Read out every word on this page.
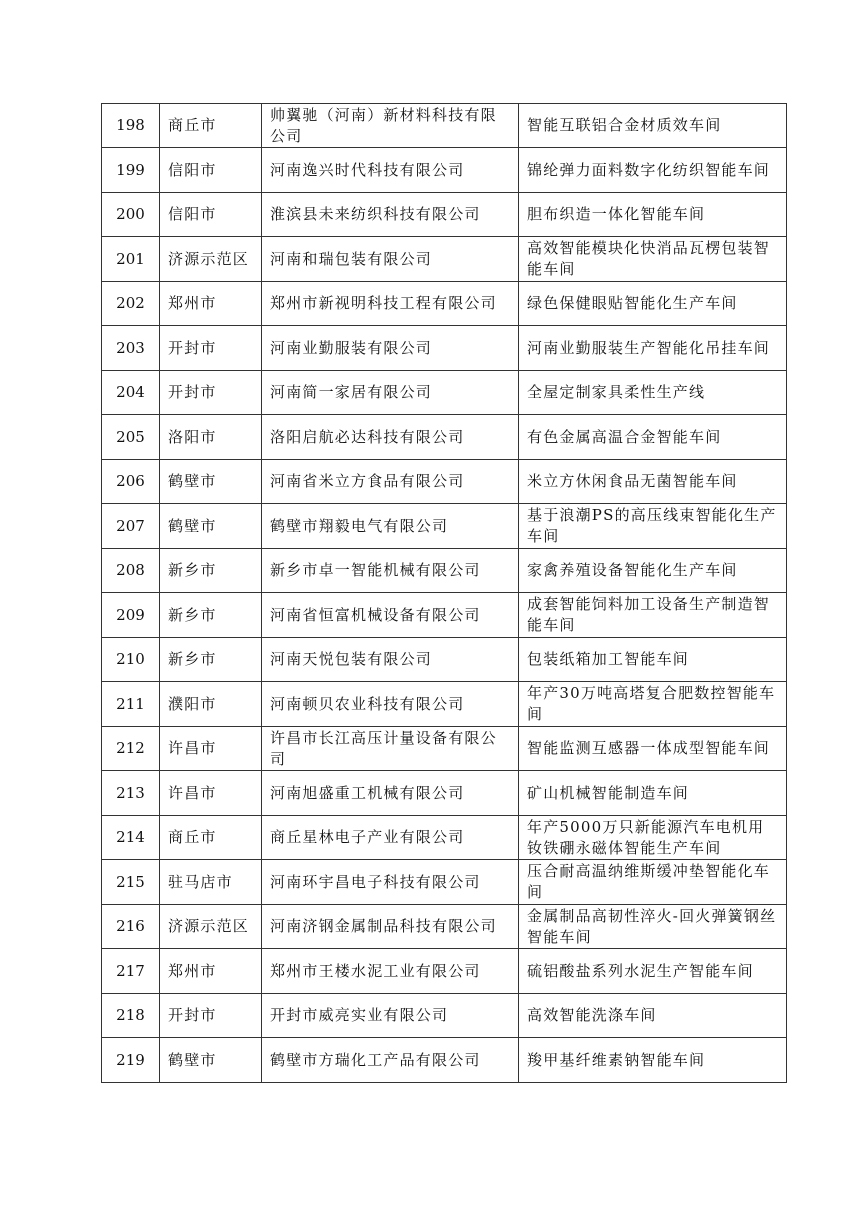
198	商丘市	帅翼驰（河南）新材料科技有限公司	智能互联铝合金材质效车间
199	信阳市	河南逸兴时代科技有限公司	锦纶弹力面料数字化纺织智能车间
200	信阳市	淮滨县未来纺织科技有限公司	胆布织造一体化智能车间
201	济源示范区	河南和瑞包装有限公司	高效智能模块化快消品瓦楞包装智能车间
202	郑州市	郑州市新视明科技工程有限公司	绿色保健眼贴智能化生产车间
203	开封市	河南业勤服装有限公司	河南业勤服装生产智能化吊挂车间
204	开封市	河南简一家居有限公司	全屋定制家具柔性生产线
205	洛阳市	洛阳启航必达科技有限公司	有色金属高温合金智能车间
206	鹤壁市	河南省米立方食品有限公司	米立方休闲食品无菌智能车间
207	鹤壁市	鹤壁市翔毅电气有限公司	基于浪潮PS的高压线束智能化生产车间
208	新乡市	新乡市卓一智能机械有限公司	家禽养殖设备智能化生产车间
209	新乡市	河南省恒富机械设备有限公司	成套智能饲料加工设备生产制造智能车间
210	新乡市	河南天悦包装有限公司	包装纸箱加工智能车间
211	濮阳市	河南顿贝农业科技有限公司	年产30万吨高塔复合肥数控智能车间
212	许昌市	许昌市长江高压计量设备有限公司	智能监测互感器一体成型智能车间
213	许昌市	河南旭盛重工机械有限公司	矿山机械智能制造车间
214	商丘市	商丘星林电子产业有限公司	年产5000万只新能源汽车电机用钕铁硼永磁体智能生产车间
215	驻马店市	河南环宇昌电子科技有限公司	压合耐高温纳维斯缓冲垫智能化车间
216	济源示范区	河南济钢金属制品科技有限公司	金属制品高韧性淬火-回火弹簧钢丝智能车间
217	郑州市	郑州市王楼水泥工业有限公司	硫铝酸盐系列水泥生产智能车间
218	开封市	开封市威亮实业有限公司	高效智能洗涤车间
219	鹤壁市	鹤壁市方瑞化工产品有限公司	羧甲基纤维素钠智能车间
